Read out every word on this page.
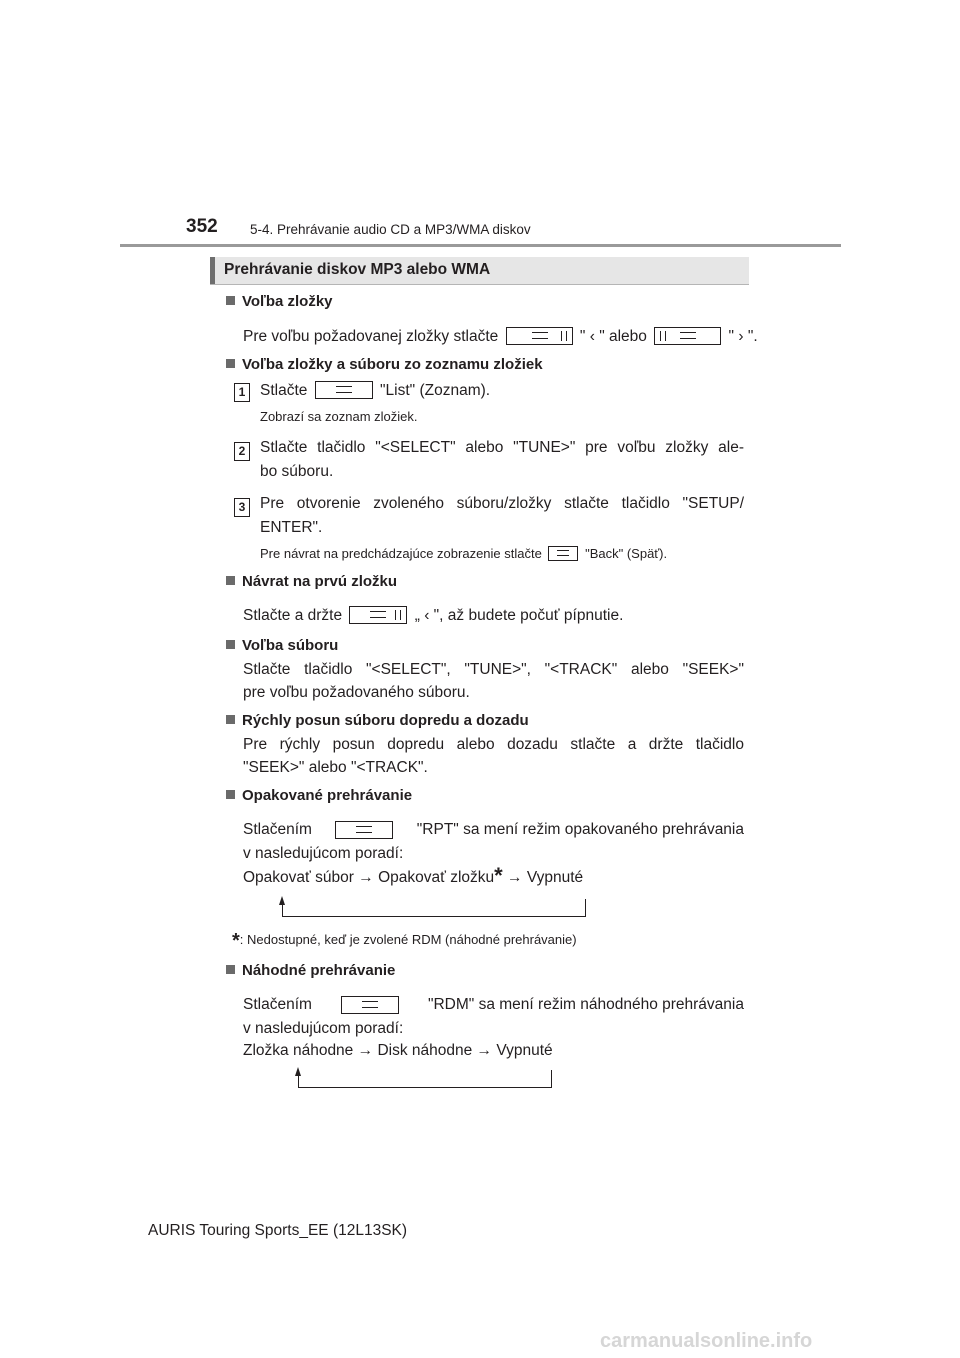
352 5-4. Prehrávanie audio CD a MP3/WMA diskov
Prehrávanie diskov MP3 alebo WMA
Voľba zložky
Pre voľbu požadovanej zložky stlačte	" ‹ " alebo	" › ".
Voľba zložky a súboru zo zoznamu zložiek
1 Stlačte	"List" (Zoznam).
Zobrazí sa zoznam zložiek.
2 Stlačte tlačidlo "<SELECT" alebo "TUNE>" pre voľbu zložky ale-
bo súboru.
3 Pre otvorenie zvoleného súboru/zložky stlačte tlačidlo "SETUP/
ENTER".
Pre návrat na predchádzajúce zobrazenie stlačte	"Back" (Späť).
Návrat na prvú zložku
Stlačte a držte	„ ‹ ", až budete počuť pípnutie.
Voľba súboru
Stlačte tlačidlo "<SELECT", "TUNE>", "<TRACK" alebo "SEEK>"
pre voľbu požadovaného súboru.
Rýchly posun súboru dopredu a dozadu
Pre rýchly posun dopredu alebo dozadu stlačte a držte tlačidlo
"SEEK>" alebo "<TRACK".
Opakované prehrávanie
Stlačením	"RPT" sa mení režim opakovaného prehrávania
v nasledujúcom poradí:
Opakovať súbor → Opakovať zložku* → Vypnuté
*: Nedostupné, keď je zvolené RDM (náhodné prehrávanie)
Náhodné prehrávanie
Stlačením	"RDM" sa mení režim náhodného prehrávania
v nasledujúcom poradí:
Zložka náhodne → Disk náhodne → Vypnuté
AURIS Touring Sports_EE (12L13SK)
carmanualsonline.info
